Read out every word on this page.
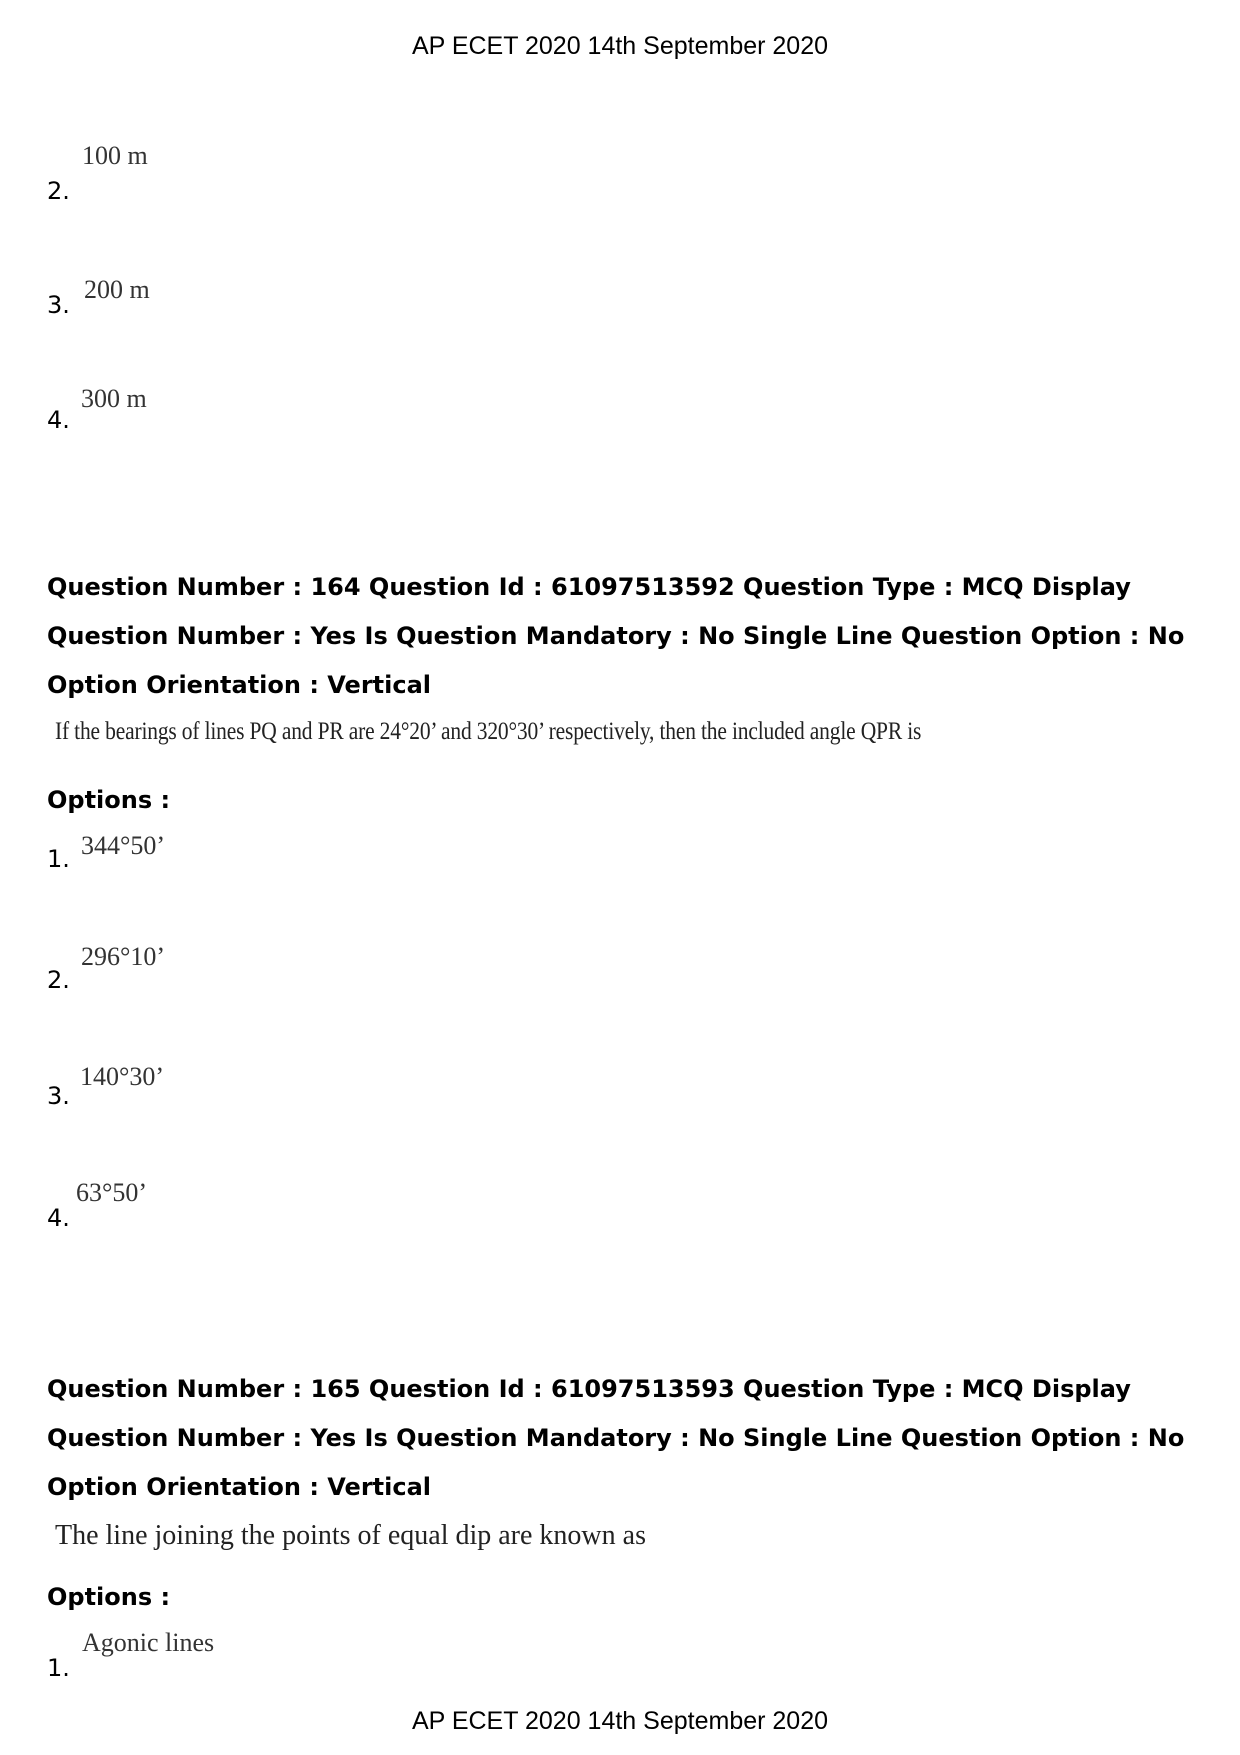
AP ECET 2020 14th September 2020
2.
100 m
3.
200 m
4.
300 m
Question Number : 164 Question Id : 61097513592 Question Type : MCQ Display Question Number : Yes Is Question Mandatory : No Single Line Question Option : No Option Orientation : Vertical
If the bearings of lines PQ and PR are 24°20’ and 320°30’ respectively, then the included angle QPR is
Options :
1. 344°50’
2.
296°10’
3.
140°30’
4.
63°50’
Question Number : 165 Question Id : 61097513593 Question Type : MCQ Display Question Number : Yes Is Question Mandatory : No Single Line Question Option : No Option Orientation : Vertical
The line joining the points of equal dip are known as
Options :
1.
Agonic lines
AP ECET 2020 14th September 2020
